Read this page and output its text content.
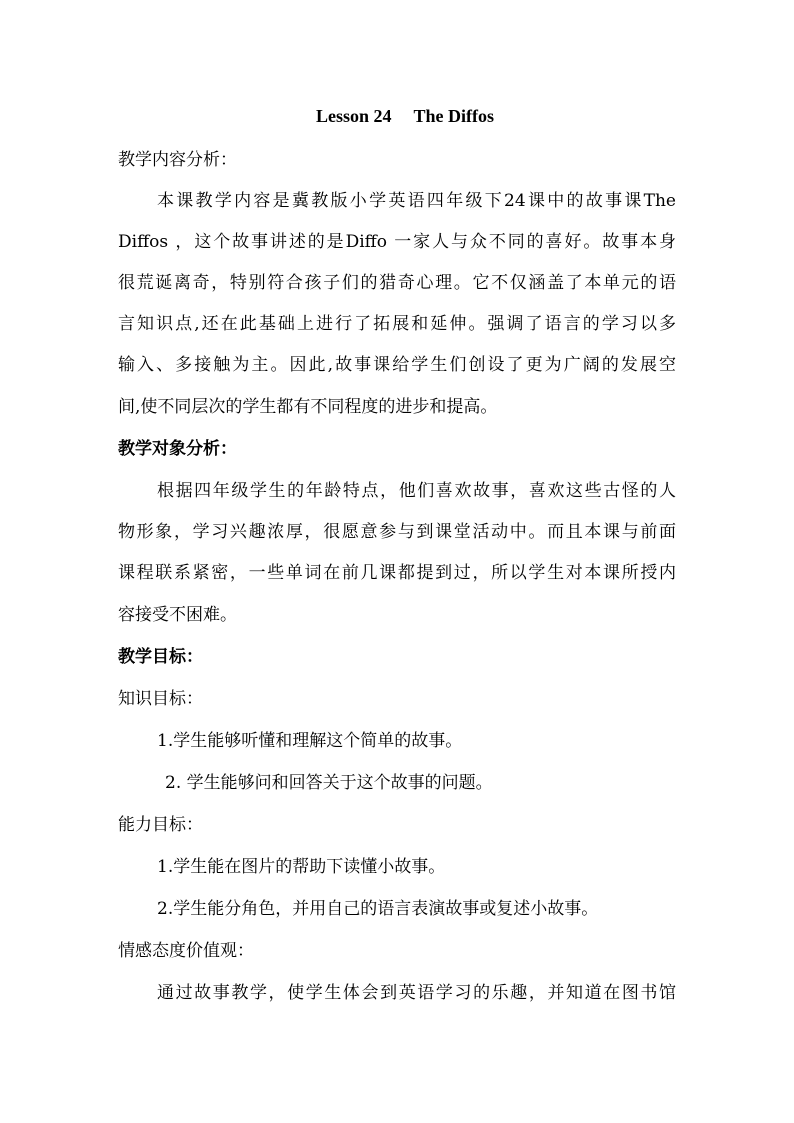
Lesson 24 The Diffos
教学内容分析：
本课教学内容是冀教版小学英语四年级下24课中的故事课The
Diffos ，这个故事讲述的是Diffo 一家人与众不同的喜好。故事本身
很荒诞离奇，特别符合孩子们的猎奇心理。它不仅涵盖了本单元的语
言知识点,还在此基础上进行了拓展和延伸。强调了语言的学习以多
输入、多接触为主。因此,故事课给学生们创设了更为广阔的发展空
间,使不同层次的学生都有不同程度的进步和提高。
教学对象分析：
根据四年级学生的年龄特点，他们喜欢故事，喜欢这些古怪的人
物形象，学习兴趣浓厚，很愿意参与到课堂活动中。而且本课与前面
课程联系紧密，一些单词在前几课都提到过，所以学生对本课所授内
容接受不困难。
教学目标：
知识目标：
1.学生能够听懂和理解这个简单的故事。
2. 学生能够问和回答关于这个故事的问题。
能力目标：
1.学生能在图片的帮助下读懂小故事。
2.学生能分角色，并用自己的语言表演故事或复述小故事。
情感态度价值观：
通过故事教学，使学生体会到英语学习的乐趣，并知道在图书馆
